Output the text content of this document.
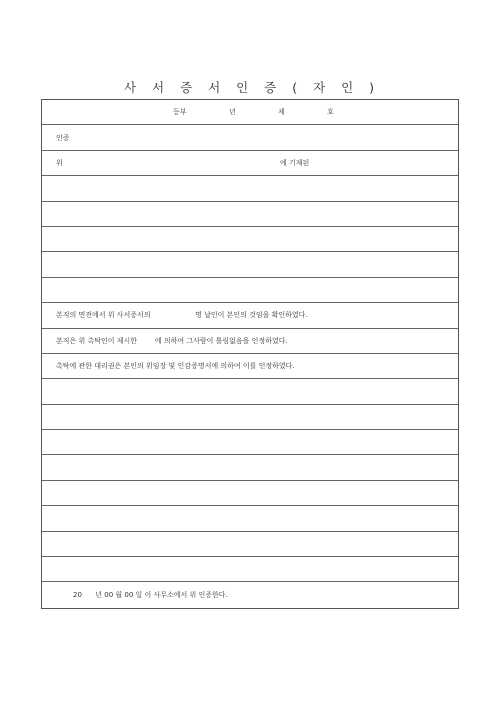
사 서 증 서 인 증 ( 자 인 )
등부	년	제	호
인증
위	에 기재된
본직의 면전에서 위 사서증서의                    명 날인이 본인의 것임을 확인하였다.
본직은 위 촉탁인이 제시한        에 의하여 그사람이 틀림없음을 인정하였다.
촉탁에 관한 대리권은 본인의 위임장 및 인감증명서에 의하여 이를 인정하였다.
20      년 00 월 00 일 이 사무소에서 위 인증한다.
